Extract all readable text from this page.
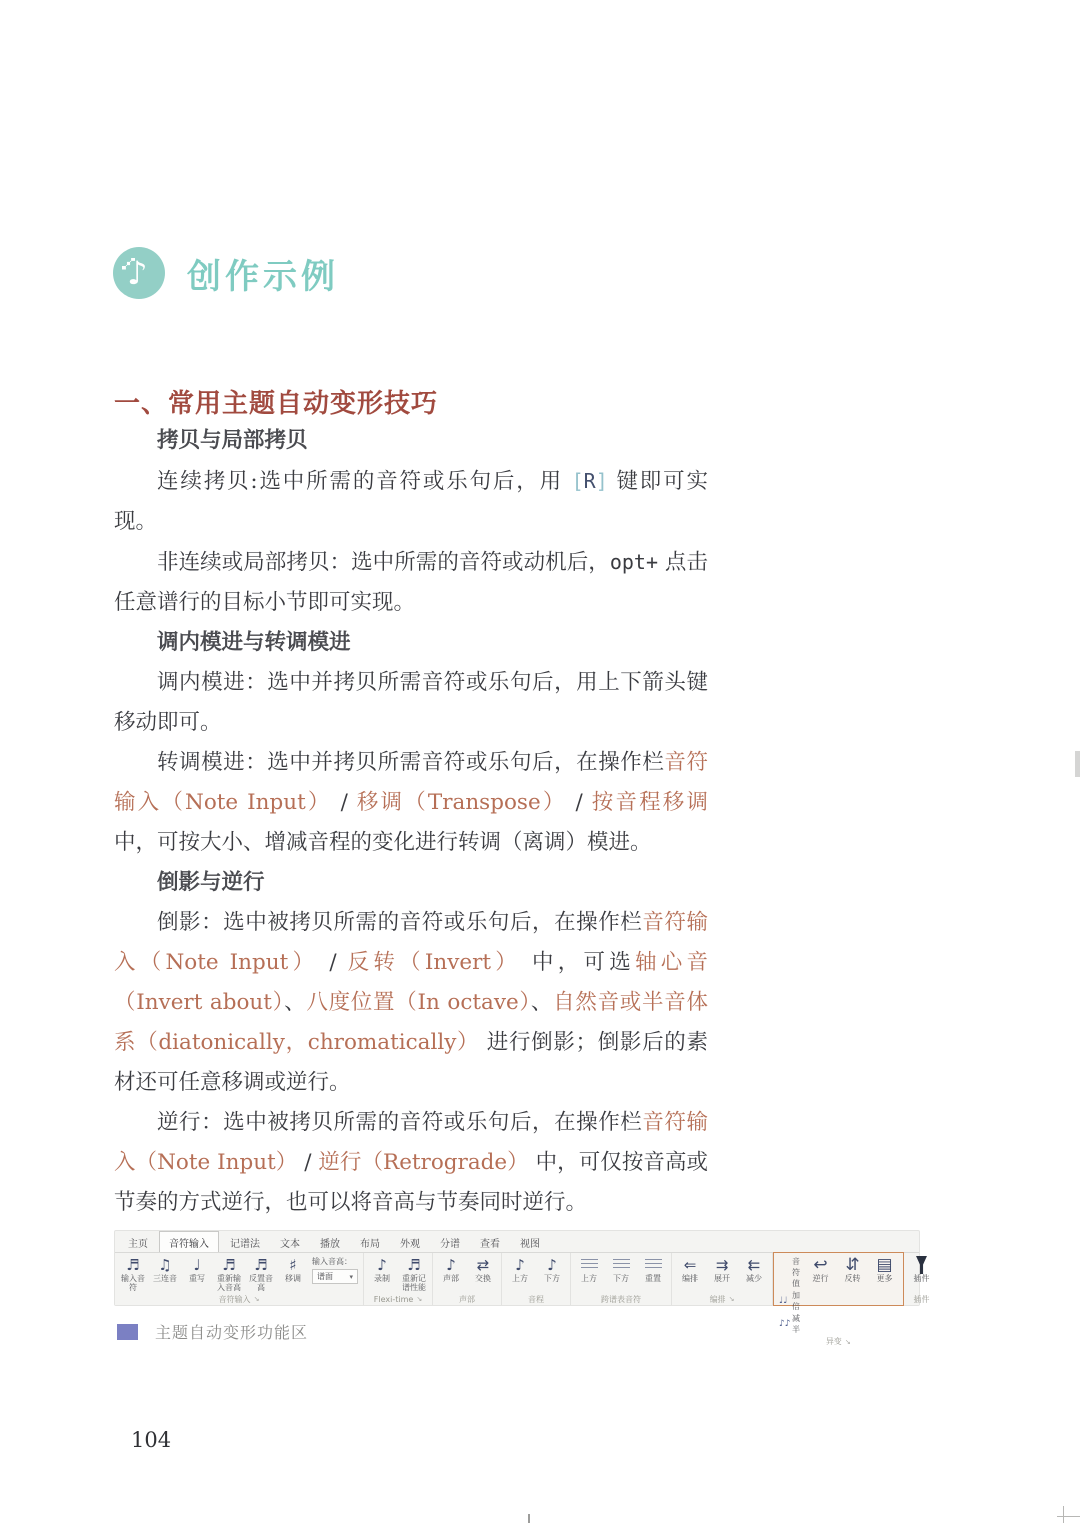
♪ 创作示例
一、常用主题自动变形技巧
拷贝与局部拷贝

连续拷贝:选中所需的音符或乐句后，用 [R] 键即可实现。

非连续或局部拷贝：选中所需的音符或动机后，opt+ 点击任意谱行的目标小节即可实现。

调内模进与转调模进

调内模进：选中并拷贝所需音符或乐句后，用上下箭头键移动即可。

转调模进：选中并拷贝所需音符或乐句后，在操作栏音符输入（Note Input） / 移调（Transpose） / 按音程移调中，可按大小、增减音程的变化进行转调（离调）模进。

倒影与逆行

倒影：选中被拷贝所需的音符或乐句后，在操作栏音符输入（Note Input） / 反转（Invert） 中，可选轴心音（Invert about）、八度位置（In octave）、自然音或半音体系（diatonically，chromatically） 进行倒影；倒影后的素材还可任意移调或逆行。

逆行：选中被拷贝所需的音符或乐句后，在操作栏音符输入（Note Input） / 逆行（Retrograde） 中，可仅按音高或节奏的方式逆行，也可以将音高与节奏同时逆行。

主页	音符输入	记谱法	文本	播放	布局	外观	分谱	查看	视图
♬
输入音符
♫
三连音
♩
重写
♬
重新输入音高
♬
反置音高
♯
移调
输入音高：
谱面 ▾
音符输入 ↘
♪
录制
♬
重新记谱性能
Flexi-time ↘
♪
声部
⇄
交换
声部
♪
上方
♪
下方
音程
上方 下方 重置
跨谱表音符
⇐
编排
⇉
展开
⇇
减少
编排 ↘
音符值
♩♩
加倍
♪♪
减半
↩
逆行
⇵
反转
▤
更多
异变 ↘
插件
插件
主题自动变形功能区
104
